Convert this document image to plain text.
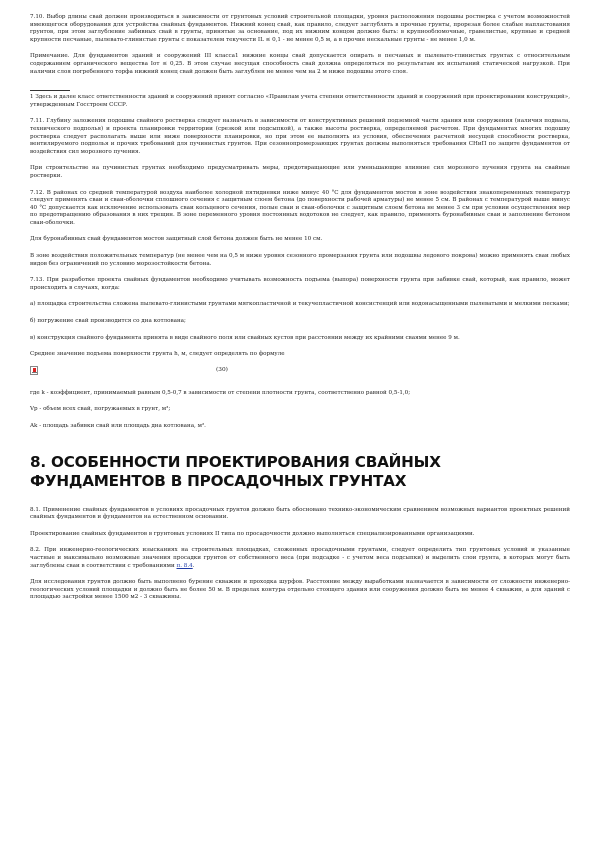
7.10. Выбор длины свай должен производиться в зависимости от грунтовых условий строительной площадки, уровня расположения подошвы ростверка с учетом возможностей имеющегося оборудования для устройства свайных фундаментов. Нижний конец свай, как правило, следует заглублять в прочные грунты, прорезая более слабые напластования грунтов, при этом заглубление забивных свай в грунты, принятые за основание, под их нижним концом должно быть: в крупнообломочные, гравелистые, крупные и средней крупности песчаные, пылевато-глинистые грунты с показателем текучести IL ≤ 0,1 - не менее 0,5 м, а в прочие нескальные грунты - не менее 1,0 м.

Примечание. Для фундаментов зданий и сооружений III класса1 нижние концы свай допускается опирать в песчаных и пылевато-глинистых грунтах с относительным содержанием органического вещества Iот ≤ 0,25. В этом случае несущая способность свай должна определяться по результатам их испытаний статической нагрузкой. При наличии слоя погребенного торфа нижний конец свай должен быть заглублен не менее чем на 2 м ниже подошвы этого слоя.

1 Здесь и далее класс ответственности зданий и сооружений принят согласно «Правилам учета степени ответственности зданий и сооружений при проектировании конструкций», утвержденным Госстроем СССР.

7.11. Глубину заложения подошвы свайного ростверка следует назначать в зависимости от конструктивных решений подземной части здания или сооружения (наличия подвала, технического подполья) и проекта планировки территории (срезкой или подсыпкой), а также высоты ростверка, определяемой расчетом. При фундаментах многих подошву ростверка следует располагать выше или ниже поверхности планировки, но при этом ее выполнять из условия, обеспечения расчетной несущей способности ростверка, вентилируемого подполья и прочих требований для пучинистых грунтов. При сезоннопромерзающих грунтах должны выполняться требования СНиП по защите фундаментов от воздействия сил морозного пучения.

При строительстве на пучинистых грунтах необходимо предусматривать меры, предотвращающие или уменьшающие влияние сил морозного пучения грунта на свайные ростверки.

7.12. В районах со средней температурой воздуха наиболее холодной пятидневки ниже минус 40 °С для фундаментов мостов в зоне воздействия знакопеременных температур следует применять сваи и сваи-оболочки сплошного сечения с защитным слоем бетона (до поверхности рабочей арматуры) не менее 5 см. В районах с температурой выше минус 40 °С допускается как исключение использовать сваи кольцевого сечения, полые сваи и сваи-оболочки с защитным слоем бетона не менее 3 см при условии осуществления мер по предотвращению образования в них трещин. В зоне переменного уровня постоянных водотоков не следует, как правило, применять буронабивные сваи и заполнение бетоном сваи-оболочки.

Для буронабивных свай фундаментов мостов защитный слой бетона должен быть не менее 10 см.

В зоне воздействия положительных температур (не менее чем на 0,5 м ниже уровня сезонного промерзания грунта или подошвы ледового покрова) можно применять сваи любых видов без ограничений по условию морозостойкости бетона.

7.13. При разработке проекта свайных фундаментов необходимо учитывать возможность подъема (выпора) поверхности грунта при забивке свай, который, как правило, может происходить в случаях, когда:

а) площадка строительства сложена пылевато-глинистыми грунтами мягкопластичной и текучепластичной консистенций или водонасыщенными пылеватыми и мелкими песками;

б) погружение свай производится со дна котлована;

в) конструкция свайного фундамента принята в виде свайного поля или свайных кустов при расстоянии между их крайними сваями менее 9 м.

Среднее значение подъема поверхности грунта h, м, следует определять по формуле

(30)

где k - коэффициент, принимаемый равным 0,5-0,7 в зависимости от степени плотности грунта, соответственно равной 0,5-1,0;

Vp - объем всех свай, погружаемых в грунт, м³;

Ak - площадь забивки свай или площадь дна котлована, м².

8. ОСОБЕННОСТИ ПРОЕКТИРОВАНИЯ СВАЙНЫХ
ФУНДАМЕНТОВ В ПРОСАДОЧНЫХ ГРУНТАХ

8.1. Применение свайных фундаментов в условиях просадочных грунтов должно быть обосновано технико-экономическим сравнением возможных вариантов проектных решений свайных фундаментов и фундаментов на естественном основании.

Проектирование свайных фундаментов в грунтовых условиях II типа по просадочности должно выполняться специализированными организациями.

8.2. При инженерно-геологических изысканиях на строительных площадках, сложенных просадочными грунтами, следует определить тип грунтовых условий и указанные частные и максимально возможные значения просадки грунтов от собственного веса (при подсадке - с учетом веса подсыпки) и выделить слои грунта, в которых могут быть заглублены сваи в соответствии с требованиями п. 8.4.

Для исследования грунтов должно быть выполнено бурение скважин и проходка шурфов. Расстояние между выработками назначается в зависимости от сложности инженерно-геологических условий площадки и должно быть не более 50 м. В пределах контура отдельно стоящего здания или сооружения должно быть не менее 4 скважин, а для зданий с площадью застройки менее 1500 м2 - 3 скважины.
